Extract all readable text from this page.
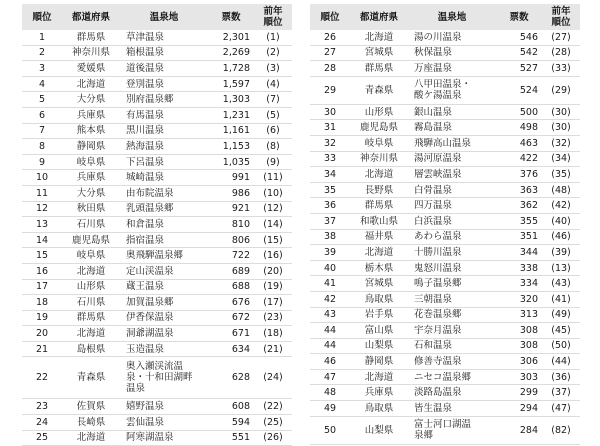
順位	都道府県	温泉地	票数	前年
順位

1	群馬県	草津温泉	2,301	(1)
2	神奈川県	箱根温泉	2,269	(2)
3	愛媛県	道後温泉	1,728	(3)
4	北海道	登別温泉	1,597	(4)
5	大分県	別府温泉郷	1,303	(7)
6	兵庫県	有馬温泉	1,231	(5)
7	熊本県	黒川温泉	1,161	(6)
8	静岡県	熱海温泉	1,153	(8)
9	岐阜県	下呂温泉	1,035	(9)
10	兵庫県	城崎温泉	991	(11)
11	大分県	由布院温泉	986	(10)
12	秋田県	乳頭温泉郷	921	(12)
13	石川県	和倉温泉	810	(14)
14	鹿児島県	指宿温泉	806	(15)
15	岐阜県	奥飛騨温泉郷	722	(16)
16	北海道	定山渓温泉	689	(20)
17	山形県	蔵王温泉	688	(19)
18	石川県	加賀温泉郷	676	(17)
19	群馬県	伊香保温泉	672	(23)
20	北海道	洞爺湖温泉	671	(18)
21	島根県	玉造温泉	634	(21)
22	青森県	奥入瀬渓流温
泉・十和田湖畔
温泉	628	(24)
23	佐賀県	嬉野温泉	608	(22)
24	長崎県	雲仙温泉	594	(25)
25	北海道	阿寒湖温泉	551	(26)
順位	都道府県	温泉地	票数	前年
順位

26	北海道	湯の川温泉	546	(27)
27	宮城県	秋保温泉	542	(28)
28	群馬県	万座温泉	527	(33)
29	青森県	八甲田温泉・
酸ケ湯温泉	524	(29)
30	山形県	銀山温泉	500	(30)
31	鹿児島県	霧島温泉	498	(30)
32	岐阜県	飛騨高山温泉	463	(32)
33	神奈川県	湯河原温泉	422	(34)
34	北海道	層雲峡温泉	376	(35)
35	長野県	白骨温泉	363	(48)
36	群馬県	四万温泉	362	(42)
37	和歌山県	白浜温泉	355	(40)
38	福井県	あわら温泉	351	(46)
39	北海道	十勝川温泉	344	(39)
40	栃木県	鬼怒川温泉	338	(13)
41	宮城県	鳴子温泉郷	334	(43)
42	鳥取県	三朝温泉	320	(41)
43	岩手県	花巻温泉郷	313	(49)
44	富山県	宇奈月温泉	308	(45)
44	山梨県	石和温泉	308	(50)
46	静岡県	修善寺温泉	306	(44)
47	北海道	ニセコ温泉郷	303	(36)
48	兵庫県	淡路島温泉	299	(37)
49	鳥取県	皆生温泉	294	(47)
50	山梨県	富士河口湖温
泉郷	284	(82)
